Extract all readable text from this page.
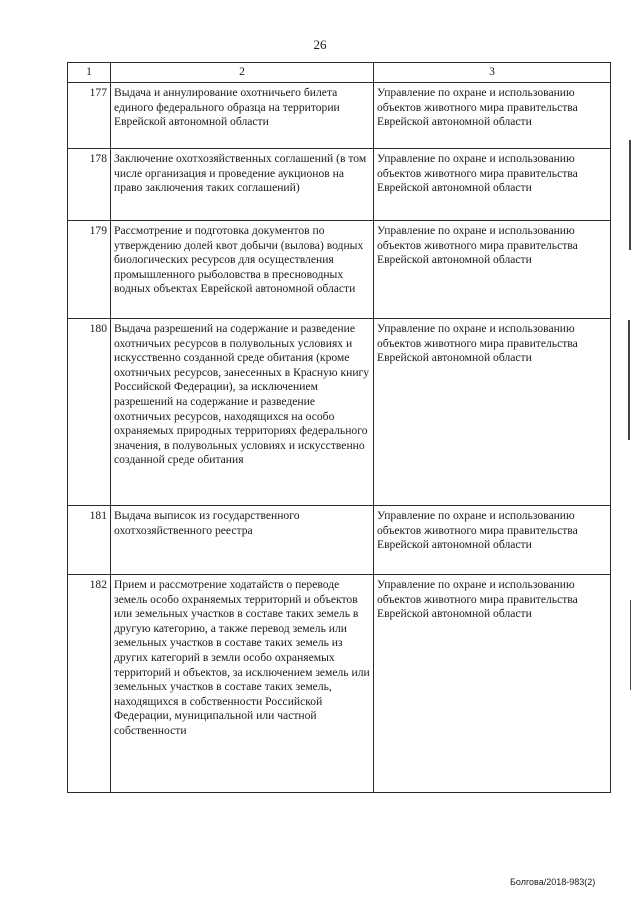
26
1	2	3
177	Выдача и аннулирование охотничьего билета единого федерального образца на территории Еврейской автономной области	Управление по охране и использованию объектов животного мира правительства Еврейской автономной области
178	Заключение охотхозяйственных соглашений (в том числе организация и проведение аукционов на право заключения таких соглашений)	Управление по охране и использованию объектов животного мира правительства Еврейской автономной области
179	Рассмотрение и подготовка документов по утверждению долей квот добычи (вылова) водных биологических ресурсов для осуществления промышленного рыболовства в пресноводных водных объектах Еврейской автономной области	Управление по охране и использованию объектов животного мира правительства Еврейской автономной области
180	Выдача разрешений на содержание и разведение охотничьих ресурсов в полувольных условиях и искусственно созданной среде обитания (кроме охотничьих ресурсов, занесенных в Красную книгу Российской Федерации), за исключением разрешений на содержание и разведение охотничьих ресурсов, находящихся на особо охраняемых природных территориях федерального значения, в полувольных условиях и искусственно созданной среде обитания	Управление по охране и использованию объектов животного мира правительства Еврейской автономной области
181	Выдача выписок из государственного охотхозяйственного реестра	Управление по охране и использованию объектов животного мира правительства Еврейской автономной области
182	Прием и рассмотрение ходатайств о переводе земель особо охраняемых территорий и объектов или земельных участков в составе таких земель в другую категорию, а также перевод земель или земельных участков в составе таких земель из других категорий в земли особо охраняемых территорий и объектов, за исключением земель или земельных участков в составе таких земель, находящихся в собственности Российской Федерации, муниципальной или частной собственности	Управление по охране и использованию объектов животного мира правительства Еврейской автономной области
Болгова/2018-983(2)
